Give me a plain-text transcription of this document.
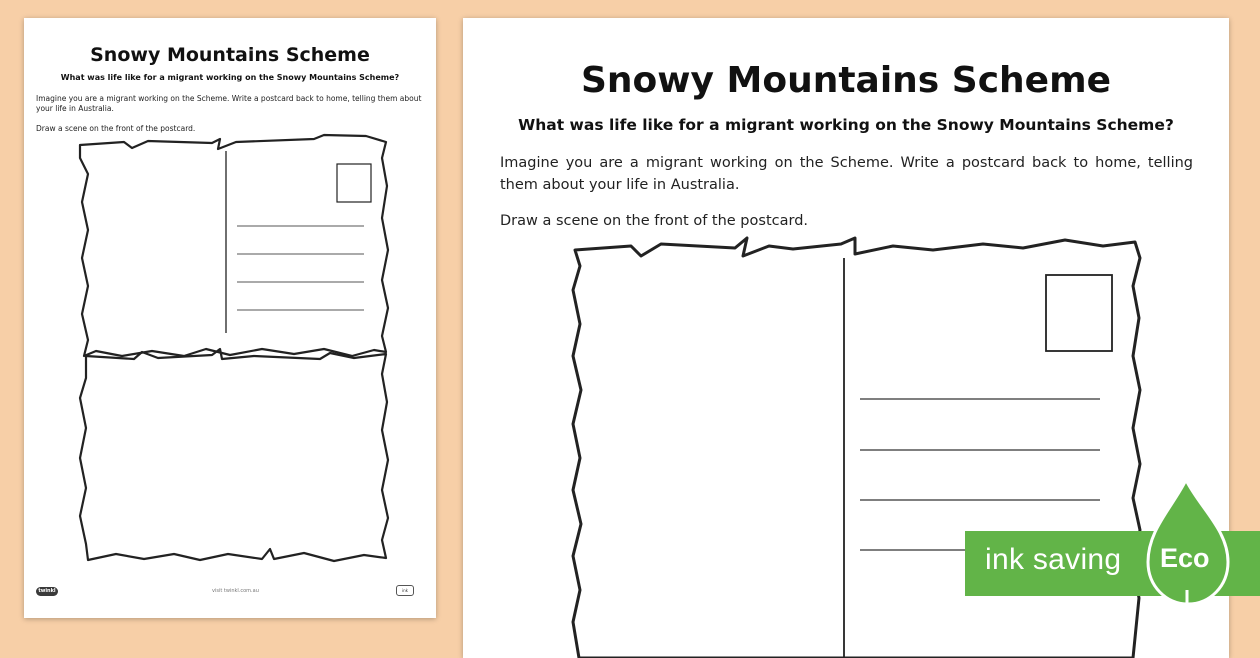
Snowy Mountains Scheme
What was life like for a migrant working on the Snowy Mountains Scheme?
Imagine you are a migrant working on the Scheme. Write a postcard back to home, telling them about your life in Australia.
Draw a scene on the front of the postcard.
twinkl	visit twinkl.com.au	ink
Snowy Mountains Scheme
What was life like for a migrant working on the Snowy Mountains Scheme?
Imagine you are a migrant working on the Scheme. Write a postcard back to home, telling them about your life in Australia.
Draw a scene on the front of the postcard.
ink saving Eco
